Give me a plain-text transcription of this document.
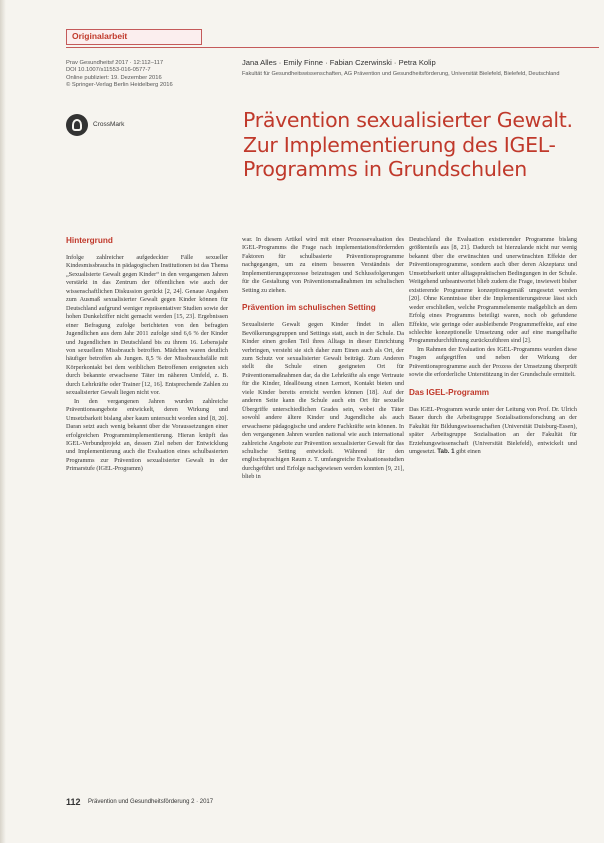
Originalarbeit
Prav Gesundheitsf 2017 · 12:112–117
DOI 10.1007/s11553-016-0577-7
Online publiziert: 19. Dezember 2016
© Springer-Verlag Berlin Heidelberg 2016
Jana Alles · Emily Finne · Fabian Czerwinski · Petra Kolip
Fakultät für Gesundheitswissenschaften, AG Prävention und Gesundheitsförderung, Universität Bielefeld, Bielefeld, Deutschland
CrossMark	Prävention sexualisierter Gewalt.
Zur Implementierung des IGEL-
Programms in Grundschulen
Hintergrund

Infolge zahlreicher aufgedeckter Fälle sexueller Kindesmissbrauchs in pädagogischen Institutionen ist das Thema „Sexualisierte Gewalt gegen Kinder“ in den vergangenen Jahren verstärkt in das Zentrum der öffentlichen wie auch der wissenschaftlichen Diskussion gerückt [2, 24]. Genaue Angaben zum Ausmaß sexualisierter Gewalt gegen Kinder können für Deutschland aufgrund weniger repräsentativer Studien sowie der hohen Dunkelziffer nicht gemacht werden [15, 23]. Ergebnissen einer Befragung zufolge berichteten von den befragten Jugendlichen aus dem Jahr 2011 zufolge sind 6,6 % der Kinder und Jugendlichen in Deutschland bis zu ihrem 16. Lebensjahr von sexuellem Missbrauch betroffen. Mädchen waren deutlich häufiger betroffen als Jungen. 8,5 % der Missbrauchsfälle mit Körperkontakt bei dem weiblichen Betroffenen ereigneten sich durch bekannte erwachsene Täter im näheren Umfeld, z. B. durch Lehrkräfte oder Trainer [12, 16]. Entsprechende Zahlen zu sexualisierter Gewalt liegen nicht vor.

In den vergangenen Jahren wurden zahlreiche Präventionsangebote entwickelt, deren Wirkung und Umsetzbarkeit bislang aber kaum untersucht worden sind [8, 20]. Daran setzt auch wenig bekannt über die Voraussetzungen einer erfolgreichen Programmimplementierung. Hieran knüpft das IGEL-Verbundprojekt an, dessen Ziel neben der Entwicklung und Implementierung auch die Evaluation eines schulbasierten Programms zur Prävention sexualisierter Gewalt in der Primarstufe (IGEL-Programm)

war. In diesem Artikel wird mit einer Prozessevaluation des IGEL-Programms die Frage nach implementationsfördernden Faktoren für schulbasierte Präventionsprogramme nachgegangen, um zu einem besseren Verständnis der Implementierungsprozesse beizutragen und Schlussfolgerungen für die Gestaltung von Präventionsmaßnahmen im schulischen Setting zu ziehen.

Prävention im schulischen Setting

Sexualisierte Gewalt gegen Kinder findet in allen Bevölkerungsgruppen und Settings statt, auch in der Schule. Da Kinder einen großen Teil ihres Alltags in dieser Einrichtung verbringen, versteht sie sich daher zum Einen auch als Ort, der zum Schutz vor sexualisierter Gewalt beiträgt. Zum Anderen stellt die Schule einen geeigneten Ort für Präventionsmaßnahmen dar, da die Lehrkräfte als enge Vertraute für die Kinder, Ideallösung einen Lernort, Kontakt bieten und viele Kinder bereits erreicht werden können [18]. Auf der anderen Seite kann die Schule auch ein Ort für sexuelle Übergriffe unterschiedlichen Grades sein, wobei die Täter sowohl andere ältere Kinder und Jugendliche als auch erwachsene pädagogische und andere Fachkräfte sein können. In den vergangenen Jahren wurden national wie auch international zahlreiche Angebote zur Prävention sexualisierter Gewalt für das schulische Setting entwickelt. Während für den englischsprachigen Raum z. T. umfangreiche Evaluationsstudien durchgeführt und Erfolge nachgewiesen werden konnten [9, 21], blieb in

Deutschland die Evaluation existierender Programme bislang größtenteils aus [8, 21]. Dadurch ist hierzulande nicht nur wenig bekannt über die erwünschten und unerwünschten Effekte der Präventionsprogramme, sondern auch über deren Akzeptanz und Umsetzbarkeit unter alltagspraktischen Bedingungen in der Schule. Weitgehend unbeantwortet blieb zudem die Frage, inwieweit bisher existierende Programme konzeptionsgemäß umgesetzt werden [20]. Ohne Kenntnisse über die Implementierungstreue lässt sich weder erschließen, welche Programmelemente maßgeblich an dem Erfolg eines Programms beteiligt waren, noch ob gefundene Effekte, wie geringe oder ausbleibende Programmeffekte, auf eine schlechte konzeptionelle Umsetzung oder auf eine mangelhafte Programmdurchführung zurückzuführen sind [2].

Im Rahmen der Evaluation des IGEL-Programms wurden diese Fragen aufgegriffen und neben der Wirkung der Präventionsprogramme auch der Prozess der Umsetzung überprüft sowie die erforderliche Unterstützung in der Grundschule ermittelt.

Das IGEL-Programm

Das IGEL-Programm wurde unter der Leitung von Prof. Dr. Ulrich Bauer durch die Arbeitsgruppe Sozialisationsforschung an der Fakultät für Bildungswissenschaften (Universität Duisburg-Essen), später Arbeitsgruppe Sozialisation an der Fakultät für Erziehungswissenschaft (Universität Bielefeld), entwickelt und umgesetzt. Tab. 1 gibt einen

112 Prävention und Gesundheitsförderung 2 · 2017
